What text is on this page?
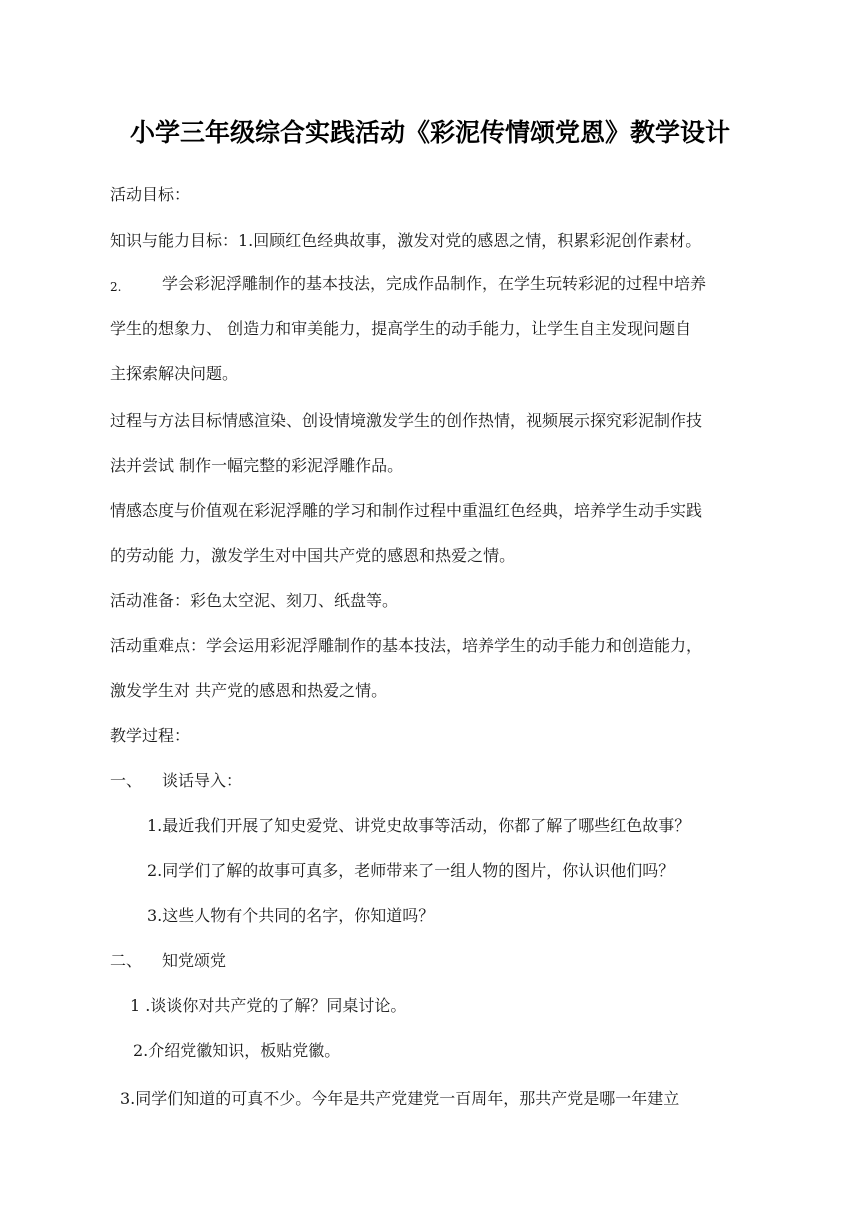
小学三年级综合实践活动《彩泥传情颂党恩》教学设计
活动目标：
知识与能力目标：1.回顾红色经典故事，激发对党的感恩之情，积累彩泥创作素材。
2.	学会彩泥浮雕制作的基本技法，完成作品制作，在学生玩转彩泥的过程中培养
学生的想象力、 创造力和审美能力，提高学生的动手能力，让学生自主发现问题自
主探索解决问题。
过程与方法目标情感渲染、创设情境激发学生的创作热情，视频展示探究彩泥制作技
法并尝试 制作一幅完整的彩泥浮雕作品。
情感态度与价值观在彩泥浮雕的学习和制作过程中重温红色经典，培养学生动手实践
的劳动能 力，激发学生对中国共产党的感恩和热爱之情。
活动准备：彩色太空泥、刻刀、纸盘等。
活动重难点：学会运用彩泥浮雕制作的基本技法，培养学生的动手能力和创造能力，
激发学生对 共产党的感恩和热爱之情。
教学过程：
一、 谈话导入：
1.最近我们开展了知史爱党、讲党史故事等活动，你都了解了哪些红色故事？
2.同学们了解的故事可真多，老师带来了一组人物的图片，你认识他们吗？
3.这些人物有个共同的名字，你知道吗？
二、 知党颂党
1 .谈谈你对共产党的了解？同桌讨论。
2.介绍党徽知识，板贴党徽。
3.同学们知道的可真不少。今年是共产党建党一百周年，那共产党是哪一年建立
